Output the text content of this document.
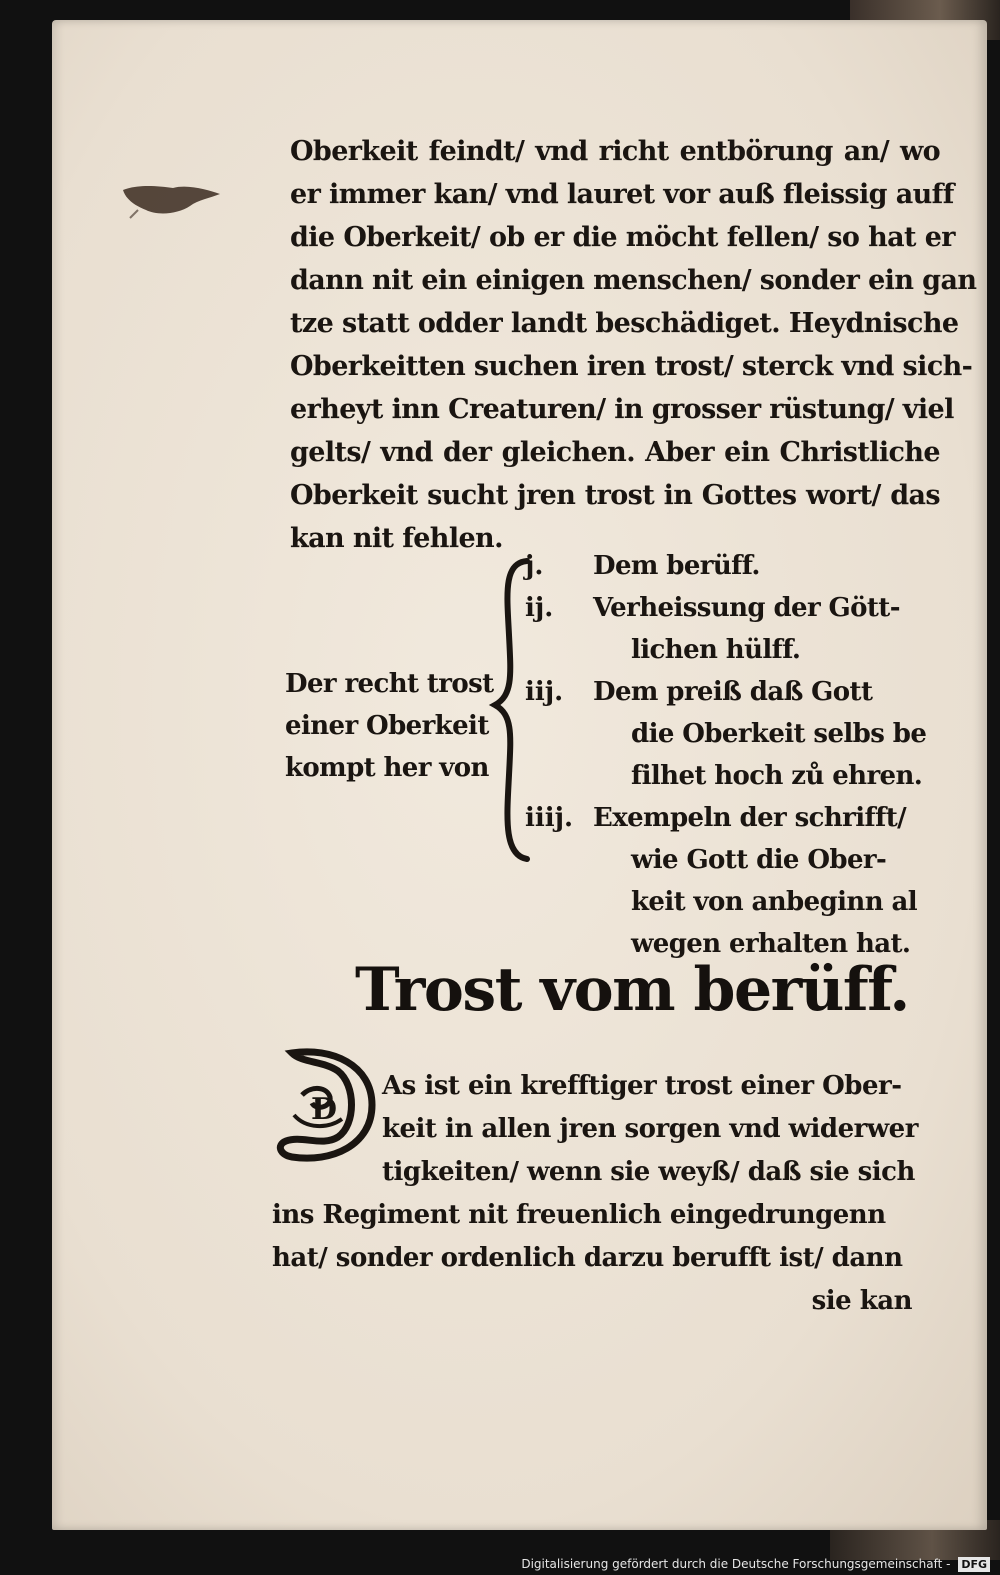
Oberkeit feindt/ vnd richt entbörung an/ wo
er immer kan/ vnd lauret vor auß fleissig auff
die Oberkeit/ ob er die möcht fellen/ so hat er
dann nit ein einigen menschen/ sonder ein gan
tze statt odder landt beschädiget. Heydnische
Oberkeitten suchen iren trost/ sterck vnd sich-
erheyt inn Creaturen/ in grosser rüstung/ viel
gelts/ vnd der gleichen. Aber ein Christliche
Oberkeit sucht jren trost in Gottes wort/ das
kan nit fehlen.
Der recht trost
einer Oberkeit
kompt her von
j.	Dem berüff.
ij.	Verheissung der Gött-
lichen hülff.
iij.	Dem preiß daß Gott
die Oberkeit selbs be
filhet hoch zů ehren.
iiij. Exempeln der schrifft/
wie Gott die Ober-
keit von anbeginn al
wegen erhalten hat.
Trost vom berüff.
D
As ist ein krefftiger trost einer Ober-
keit in allen jren sorgen vnd widerwer
tigkeiten/ wenn sie weyß/ daß sie sich
ins Regiment nit freuenlich eingedrungenn
hat/ sonder ordenlich darzu berufft ist/ dann
sie kan
Digitalisierung gefördert durch die Deutsche Forschungsgemeinschaft - DFG
